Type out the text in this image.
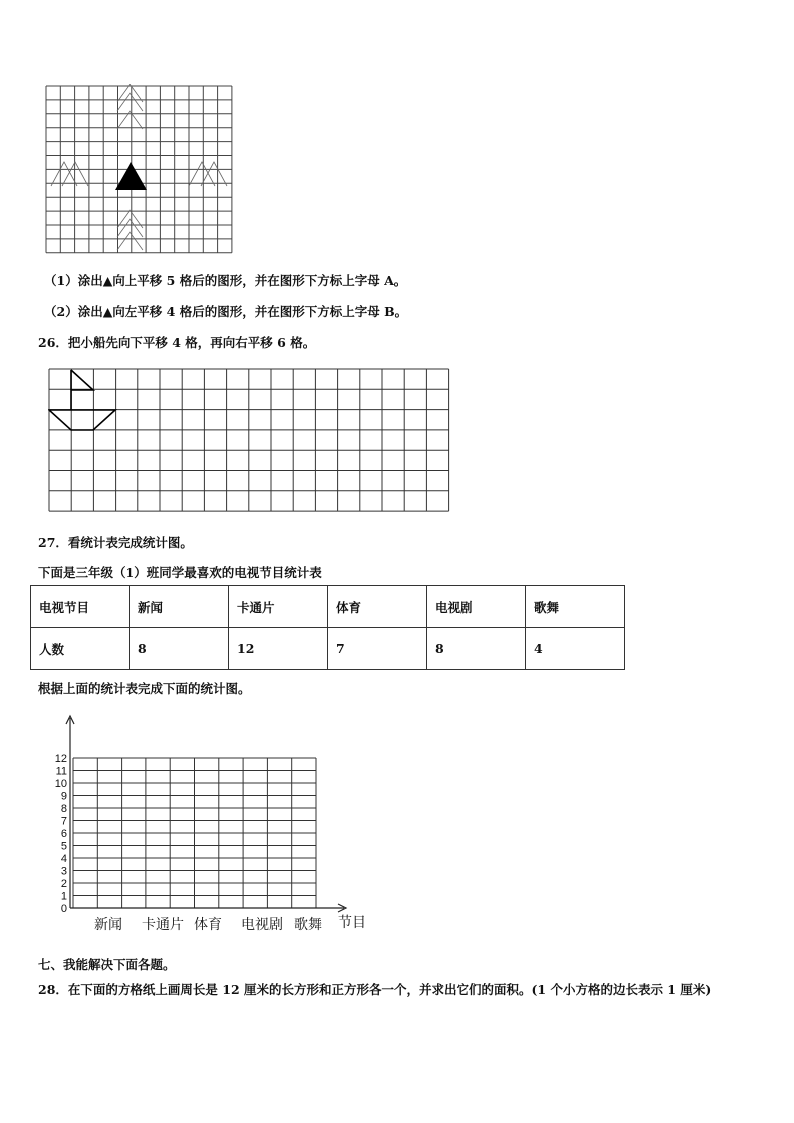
（1）涂出▲向上平移 5 格后的图形，并在图形下方标上字母 A。
（2）涂出▲向左平移 4 格后的图形，并在图形下方标上字母 B。
26．把小船先向下平移 4 格，再向右平移 6 格。
27．看统计表完成统计图。
下面是三年级（1）班同学最喜欢的电视节目统计表
电视节目	新闻	卡通片	体育	电视剧	歌舞
人数	8	12	7	8	4
根据上面的统计表完成下面的统计图。
0
1
2
3
4
5
6
7
8
9
10
11
12
新闻 卡通片 体育 电视剧 歌舞 节目
七、我能解决下面各题。
28．在下面的方格纸上画周长是 12 厘米的长方形和正方形各一个，并求出它们的面积。(1 个小方格的边长表示 1 厘米)
